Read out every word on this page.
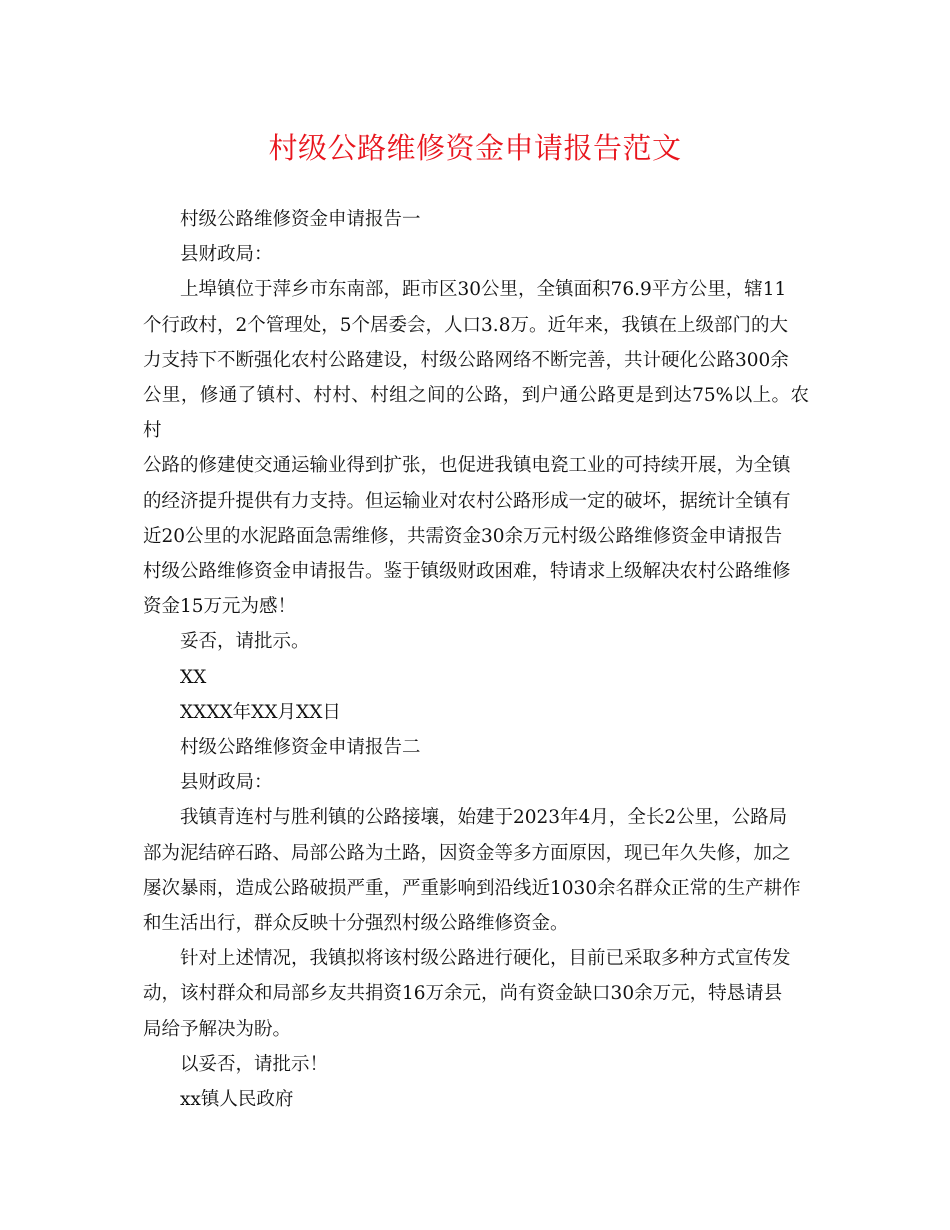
村级公路维修资金申请报告范文

村级公路维修资金申请报告一

县财政局：

上埠镇位于萍乡市东南部，距市区30公里，全镇面积76.9平方公里，辖11
个行政村，2个管理处，5个居委会，人口3.8万。近年来，我镇在上级部门的大
力支持下不断强化农村公路建设，村级公路网络不断完善，共计硬化公路300余
公里，修通了镇村、村村、村组之间的公路，到户通公路更是到达75%以上。农村
公路的修建使交通运输业得到扩张，也促进我镇电瓷工业的可持续开展，为全镇
的经济提升提供有力支持。但运输业对农村公路形成一定的破坏，据统计全镇有
近20公里的水泥路面急需维修，共需资金30余万元村级公路维修资金申请报告
村级公路维修资金申请报告。鉴于镇级财政困难，特请求上级解决农村公路维修
资金15万元为感！

妥否，请批示。

XX

XXXX年XX月XX日

村级公路维修资金申请报告二

县财政局：

我镇青连村与胜利镇的公路接壤，始建于2023年4月，全长2公里，公路局
部为泥结碎石路、局部公路为土路，因资金等多方面原因，现已年久失修，加之
屡次暴雨，造成公路破损严重，严重影响到沿线近1030余名群众正常的生产耕作
和生活出行，群众反映十分强烈村级公路维修资金。

针对上述情况，我镇拟将该村级公路进行硬化，目前已采取多种方式宣传发
动，该村群众和局部乡友共捐资16万余元，尚有资金缺口30余万元，特恳请县
局给予解决为盼。

以妥否，请批示！

xx镇人民政府
